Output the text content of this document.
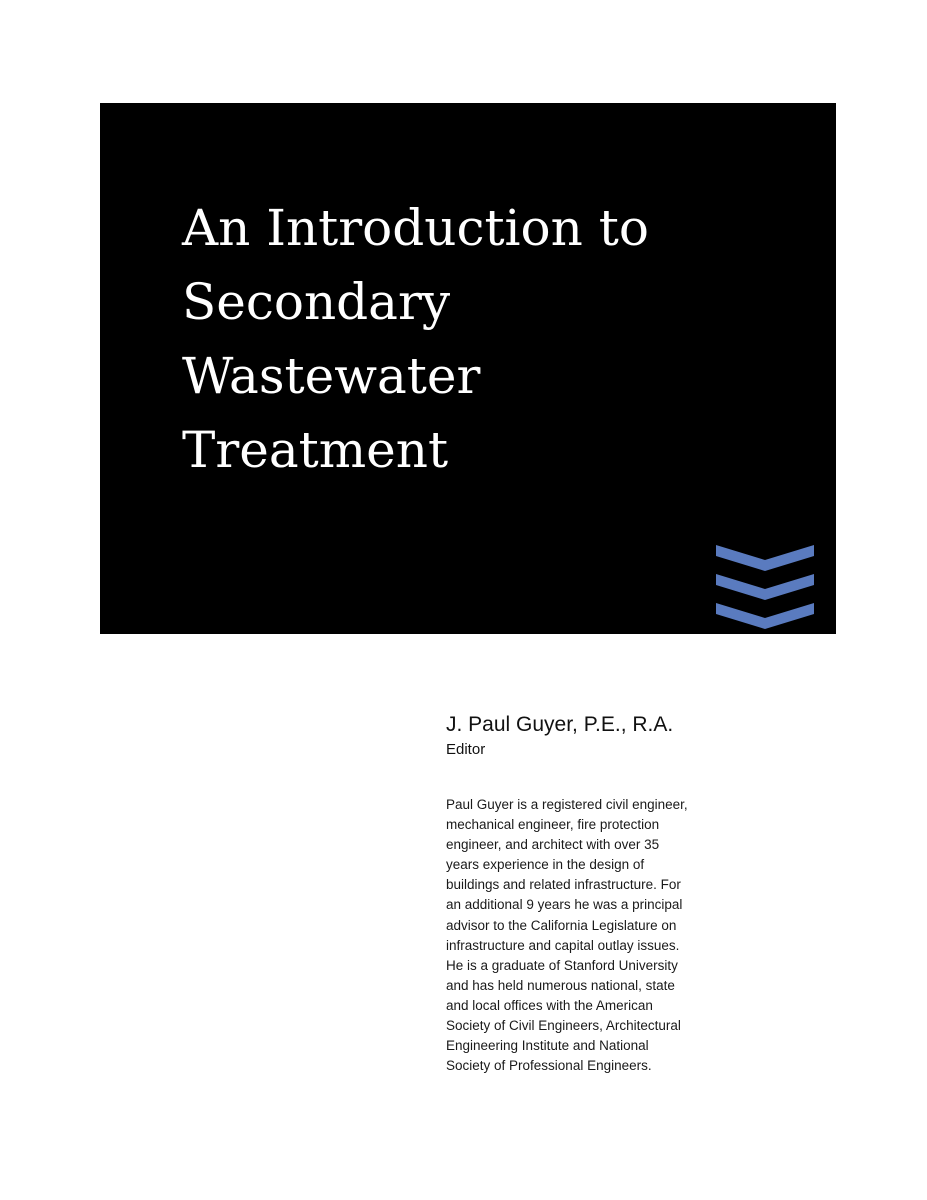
An Introduction to
Secondary
Wastewater
Treatment
J. Paul Guyer, P.E., R.A.
Editor
Paul Guyer is a registered civil engineer,
mechanical engineer, fire protection
engineer, and architect with over 35
years experience in the design of
buildings and related infrastructure. For
an additional 9 years he was a principal
advisor to the California Legislature on
infrastructure and capital outlay issues.
He is a graduate of Stanford University
and has held numerous national, state
and local offices with the American
Society of Civil Engineers, Architectural
Engineering Institute and National
Society of Professional Engineers.
